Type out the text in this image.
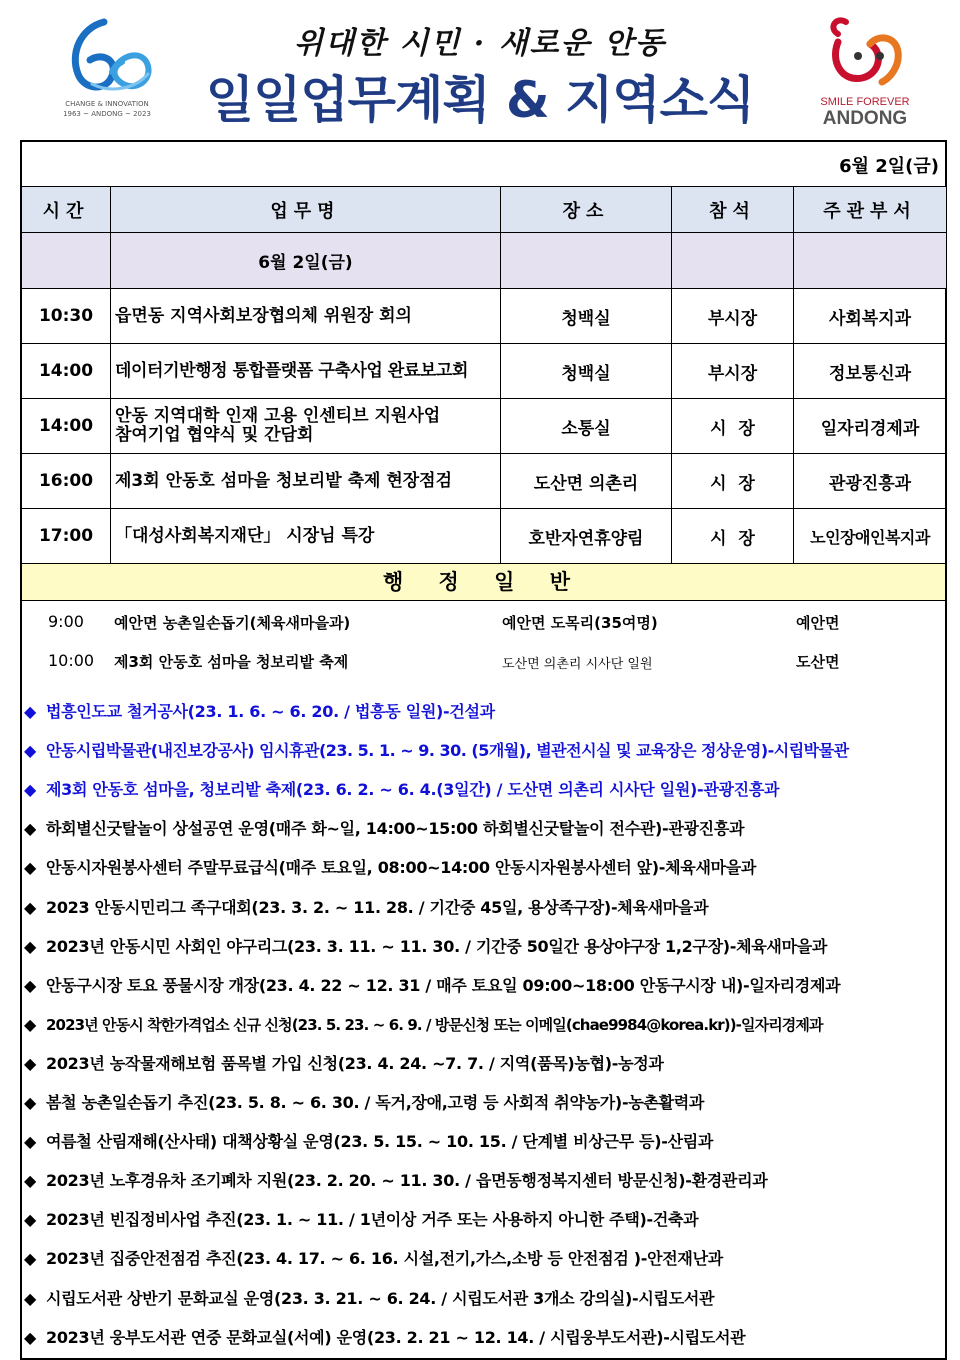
CHANGE & INNOVATION
1963 ~ ANDONG ~ 2023
위대한 시민 · 새로운 안동
일일업무계획 & 지역소식	SMILE FOREVER
ANDONG
6월 2일(금)
시간	업무명	장소	참석	주관부서
	6월 2일(금)			
10:30	읍면동 지역사회보장협의체 위원장 회의	청백실	부시장	사회복지과
14:00	데이터기반행정 통합플랫폼 구축사업 완료보고회	청백실	부시장	정보통신과
14:00	안동 지역대학 인재 고용 인센티브 지원사업
참여기업 협약식 및 간담회	소통실	시  장	일자리경제과
16:00	제3회 안동호 섬마을 청보리밭 축제 현장점검	도산면 의촌리	시  장	관광진흥과
17:00	「대성사회복지재단」 시장님 특강	호반자연휴양림	시  장	노인장애인복지과
행 정 일 반
9:00 예안면 농촌일손돕기(체육새마을과)	예안면 도목리(35여명)	예안면
10:00 제3회 안동호 섬마을 청보리밭 축제	도산면 의촌리 시사단 일원	도산면
◆ 법흥인도교 철거공사(23. 1. 6. ~ 6. 20. / 법흥동 일원)-건설과
◆ 안동시립박물관(내진보강공사) 임시휴관(23. 5. 1. ~ 9. 30. (5개월), 별관전시실 및 교육장은 정상운영)-시립박물관
◆ 제3회 안동호 섬마을, 청보리밭 축제(23. 6. 2. ~ 6. 4.(3일간) / 도산면 의촌리 시사단 일원)-관광진흥과
◆ 하회별신굿탈놀이 상설공연 운영(매주 화~일, 14:00~15:00 하회별신굿탈놀이 전수관)-관광진흥과
◆ 안동시자원봉사센터 주말무료급식(매주 토요일, 08:00~14:00 안동시자원봉사센터 앞)-체육새마을과
◆ 2023 안동시민리그 족구대회(23. 3. 2. ~ 11. 28. / 기간중 45일, 용상족구장)-체육새마을과
◆ 2023년 안동시민 사회인 야구리그(23. 3. 11. ~ 11. 30. / 기간중 50일간 용상야구장 1,2구장)-체육새마을과
◆ 안동구시장 토요 풍물시장 개장(23. 4. 22 ~ 12. 31 / 매주 토요일 09:00~18:00 안동구시장 내)-일자리경제과
◆ 2023년 안동시 착한가격업소 신규 신청(23. 5. 23. ~ 6. 9. / 방문신청 또는 이메일(chae9984@korea.kr))-일자리경제과
◆ 2023년 농작물재해보험 품목별 가입 신청(23. 4. 24. ~7. 7. / 지역(품목)농협)-농정과
◆ 봄철 농촌일손돕기 추진(23. 5. 8. ~ 6. 30. / 독거,장애,고령 등 사회적 취약농가)-농촌활력과
◆ 여름철 산림재해(산사태) 대책상황실 운영(23. 5. 15. ~ 10. 15. / 단계별 비상근무 등)-산림과
◆ 2023년 노후경유차 조기폐차 지원(23. 2. 20. ~ 11. 30. / 읍면동행정복지센터 방문신청)-환경관리과
◆ 2023년 빈집정비사업 추진(23. 1. ~ 11. / 1년이상 거주 또는 사용하지 아니한 주택)-건축과
◆ 2023년 집중안전점검 추진(23. 4. 17. ~ 6. 16. 시설,전기,가스,소방 등 안전점검 )-안전재난과
◆ 시립도서관 상반기 문화교실 운영(23. 3. 21. ~ 6. 24. / 시립도서관 3개소 강의실)-시립도서관
◆ 2023년 웅부도서관 연중 문화교실(서예) 운영(23. 2. 21 ~ 12. 14. / 시립웅부도서관)-시립도서관
